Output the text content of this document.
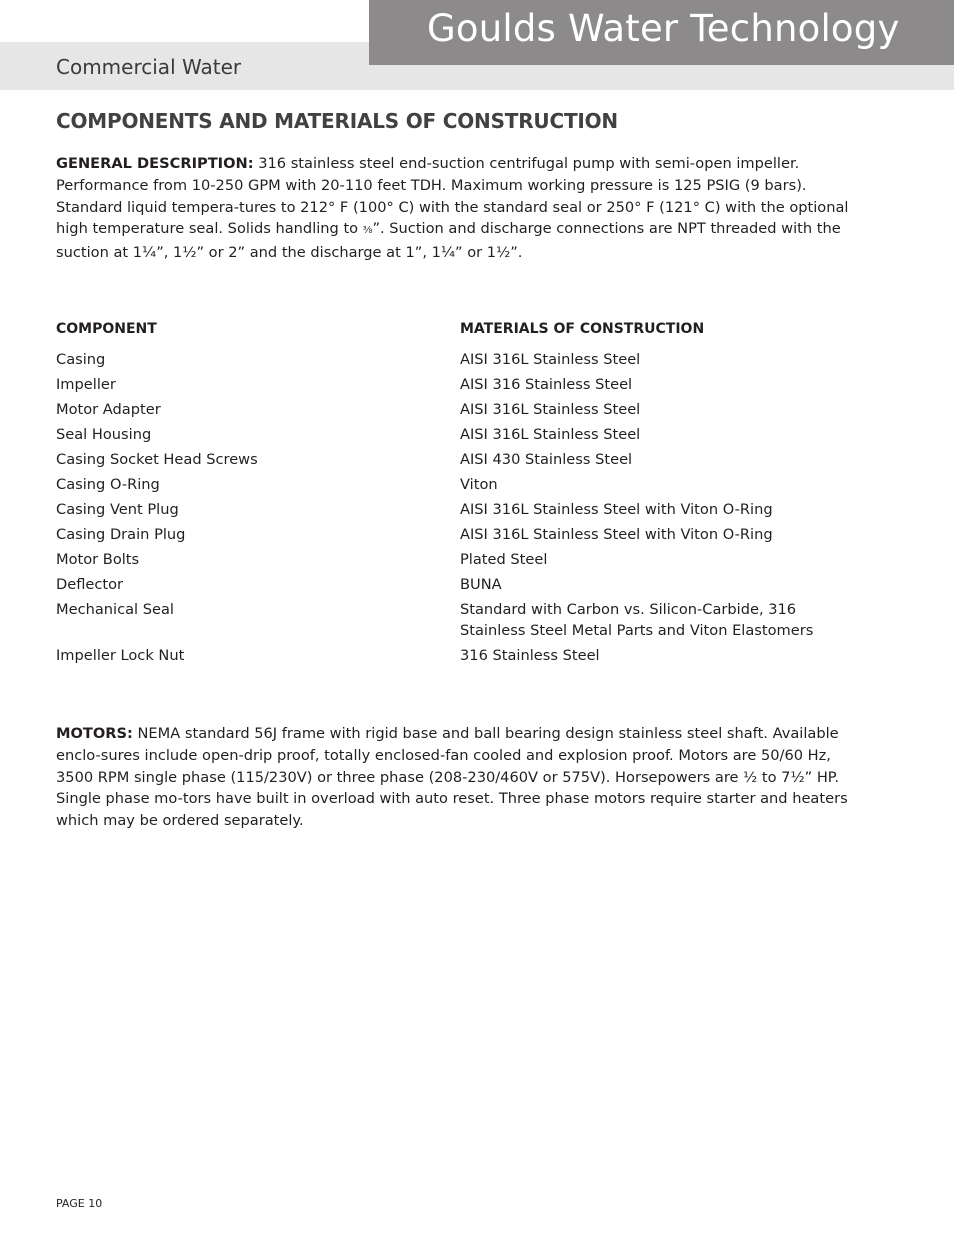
Goulds Water Technology
Commercial Water
COMPONENTS AND MATERIALS OF CONSTRUCTION
GENERAL DESCRIPTION: 316 stainless steel end-suction centrifugal pump with semi-open impeller. Performance from 10-250 GPM with 20-110 feet TDH. Maximum working pressure is 125 PSIG (9 bars). Standard liquid tempera-tures to 212° F (100° C) with the standard seal or 250° F (121° C) with the optional high temperature seal. Solids handling to ⅜”. Suction and discharge connections are NPT threaded with the suction at 1¼”, 1½” or 2” and the discharge at 1”, 1¼” or 1½”.
COMPONENT	MATERIALS OF CONSTRUCTION
Casing	AISI 316L Stainless Steel
Impeller	AISI 316 Stainless Steel
Motor Adapter	AISI 316L Stainless Steel
Seal Housing	AISI 316L Stainless Steel
Casing Socket Head Screws	AISI 430 Stainless Steel
Casing O-Ring	Viton
Casing Vent Plug	AISI 316L Stainless Steel with Viton O-Ring
Casing Drain Plug	AISI 316L Stainless Steel with Viton O-Ring
Motor Bolts	Plated Steel
Deflector	BUNA
Mechanical Seal	Standard with Carbon vs. Silicon-Carbide, 316
Stainless Steel Metal Parts and Viton Elastomers
Impeller Lock Nut	316 Stainless Steel
MOTORS: NEMA standard 56J frame with rigid base and ball bearing design stainless steel shaft. Available enclo-sures include open-drip proof, totally enclosed-fan cooled and explosion proof. Motors are 50/60 Hz, 3500 RPM single phase (115/230V) or three phase (208-230/460V or 575V). Horsepowers are ½ to 7½” HP. Single phase mo-tors have built in overload with auto reset. Three phase motors require starter and heaters which may be ordered separately.
PAGE 10
